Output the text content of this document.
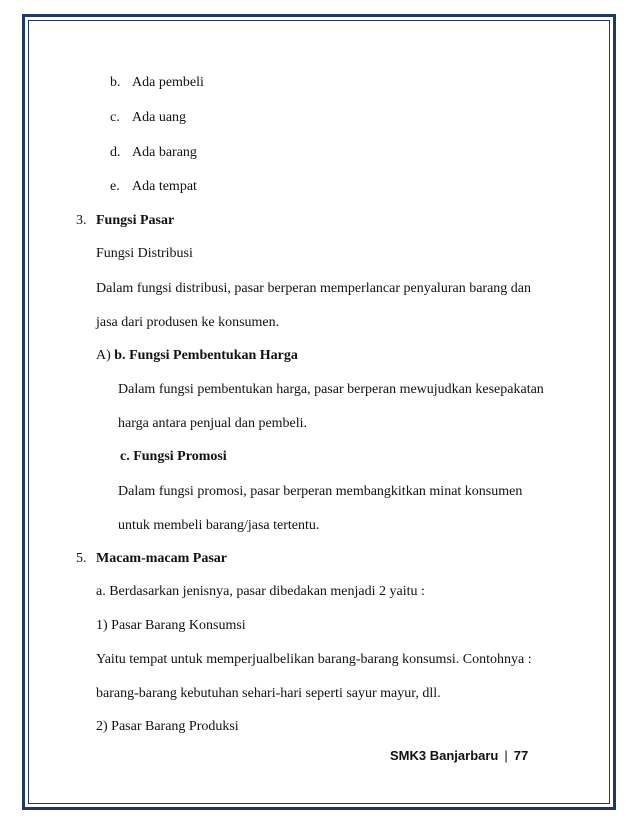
b. Ada pembeli
c. Ada uang
d. Ada barang
e. Ada tempat
3. Fungsi Pasar
Fungsi Distribusi
Dalam fungsi distribusi, pasar berperan memperlancar penyaluran barang dan
jasa dari produsen ke konsumen.
A) b. Fungsi Pembentukan Harga
Dalam fungsi pembentukan harga, pasar berperan mewujudkan kesepakatan
harga antara penjual dan pembeli.
c. Fungsi Promosi
Dalam fungsi promosi, pasar berperan membangkitkan minat konsumen
untuk membeli barang/jasa tertentu.
5. Macam-macam Pasar
a. Berdasarkan jenisnya, pasar dibedakan menjadi 2 yaitu :
1) Pasar Barang Konsumsi
Yaitu tempat untuk memperjualbelikan barang-barang konsumsi. Contohnya :
barang-barang kebutuhan sehari-hari seperti sayur mayur, dll.
2) Pasar Barang Produksi
SMK3 Banjarbaru | 77
